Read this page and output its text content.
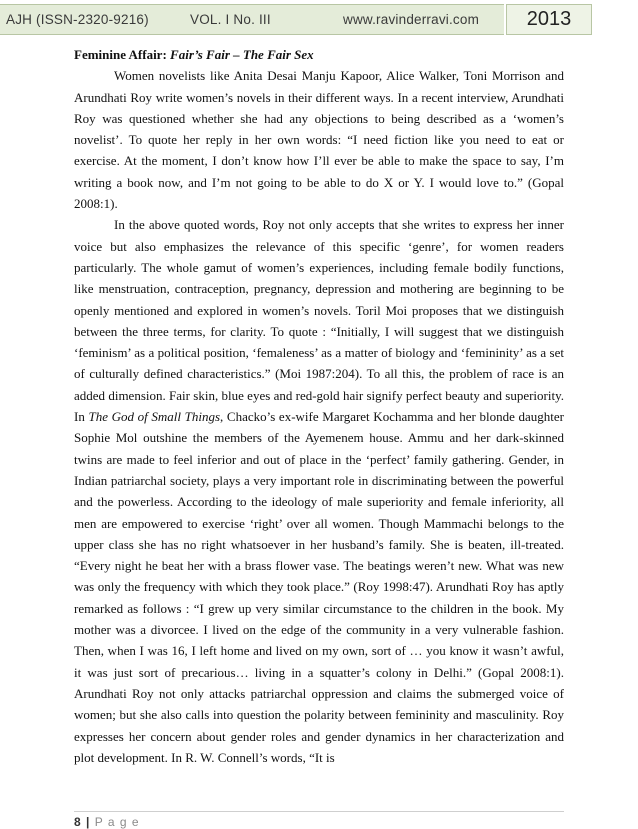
AJH (ISSN-2320-9216)	VOL. I No. III	www.ravinderravi.com	2013

Feminine Affair: Fair’s Fair – The Fair Sex

Women novelists like Anita Desai Manju Kapoor, Alice Walker, Toni Morrison and Arundhati Roy write women’s novels in their different ways. In a recent interview, Arundhati Roy was questioned whether she had any objections to being described as a ‘women’s novelist’. To quote her reply in her own words: “I need fiction like you need to eat or exercise. At the moment, I don’t know how I’ll ever be able to make the space to say, I’m writing a book now, and I’m not going to be able to do X or Y. I would love to.” (Gopal 2008:1).

In the above quoted words, Roy not only accepts that she writes to express her inner voice but also emphasizes the relevance of this specific ‘genre’, for women readers particularly. The whole gamut of women’s experiences, including female bodily functions, like menstruation, contraception, pregnancy, depression and mothering are beginning to be openly mentioned and explored in women’s novels. Toril Moi proposes that we distinguish between the three terms, for clarity. To quote : “Initially, I will suggest that we distinguish ‘feminism’ as a political position, ‘femaleness’ as a matter of biology and ‘femininity’ as a set of culturally defined characteristics.” (Moi 1987:204). To all this, the problem of race is an added dimension. Fair skin, blue eyes and red-gold hair signify perfect beauty and superiority. In The God of Small Things, Chacko’s ex-wife Margaret Kochamma and her blonde daughter Sophie Mol outshine the members of the Ayemenem house. Ammu and her dark-skinned twins are made to feel inferior and out of place in the ‘perfect’ family gathering. Gender, in Indian patriarchal society, plays a very important role in discriminating between the powerful and the powerless. According to the ideology of male superiority and female inferiority, all men are empowered to exercise ‘right’ over all women. Though Mammachi belongs to the upper class she has no right whatsoever in her husband’s family. She is beaten, ill-treated. “Every night he beat her with a brass flower vase. The beatings weren’t new. What was new was only the frequency with which they took place.” (Roy 1998:47). Arundhati Roy has aptly remarked as follows : “I grew up very similar circumstance to the children in the book. My mother was a divorcee. I lived on the edge of the community in a very vulnerable fashion. Then, when I was 16, I left home and lived on my own, sort of … you know it wasn’t awful, it was just sort of precarious… living in a squatter’s colony in Delhi.” (Gopal 2008:1). Arundhati Roy not only attacks patriarchal oppression and claims the submerged voice of women; but she also calls into question the polarity between femininity and masculinity. Roy expresses her concern about gender roles and gender dynamics in her characterization and plot development. In R. W. Connell’s words, “It is

8 | P a g e
